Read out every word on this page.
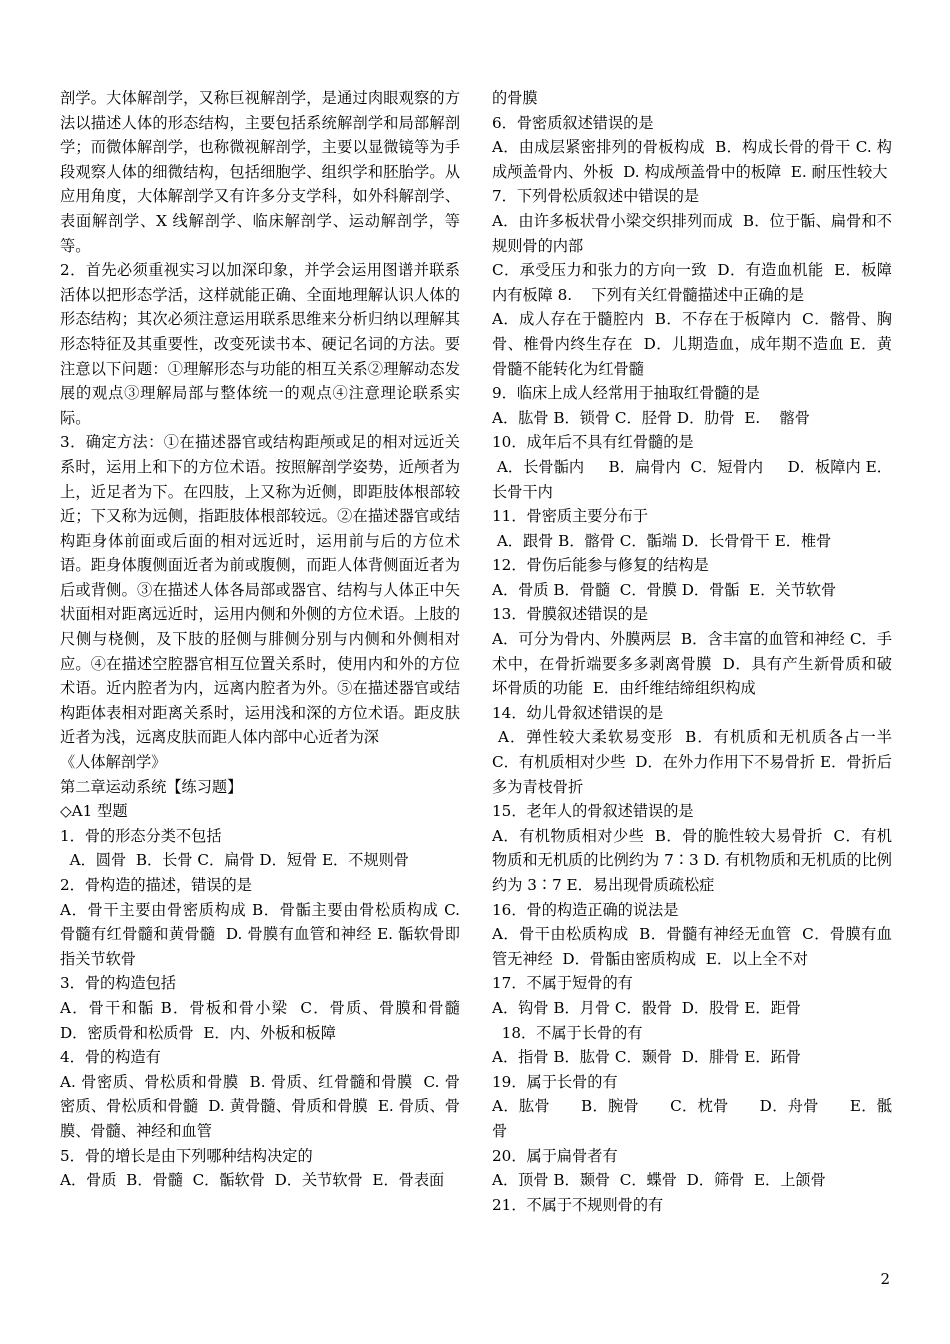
剖学。大体解剖学，又称巨视解剖学，是通过肉眼观察的方法以描述人体的形态结构，主要包括系统解剖学和局部解剖学；而微体解剖学，也称微视解剖学，主要以显微镜等为手段观察人体的细微结构，包括细胞学、组织学和胚胎学。从应用角度，大体解剖学又有许多分支学科，如外科解剖学、表面解剖学、X 线解剖学、临床解剖学、运动解剖学，等等。

2．首先必须重视实习以加深印象，并学会运用图谱并联系活体以把形态学活，这样就能正确、全面地理解认识人体的形态结构；其次必须注意运用联系思维来分析归纳以理解其形态特征及其重要性，改变死读书本、硬记名词的方法。要注意以下问题：①理解形态与功能的相互关系②理解动态发展的观点③理解局部与整体统一的观点④注意理论联系实际。

3．确定方法：①在描述器官或结构距颅或足的相对远近关系时，运用上和下的方位术语。按照解剖学姿势，近颅者为上，近足者为下。在四肢，上又称为近侧，即距肢体根部较近；下又称为远侧，指距肢体根部较远。②在描述器官或结构距身体前面或后面的相对远近时，运用前与后的方位术语。距身体腹侧面近者为前或腹侧，而距人体背侧面近者为后或背侧。③在描述人体各局部或器官、结构与人体正中矢状面相对距离远近时，运用内侧和外侧的方位术语。上肢的尺侧与桡侧，及下肢的胫侧与腓侧分别与内侧和外侧相对应。④在描述空腔器官相互位置关系时，使用内和外的方位术语。近内腔者为内，远离内腔者为外。⑤在描述器官或结构距体表相对距离关系时，运用浅和深的方位术语。距皮肤近者为浅，远离皮肤而距人体内部中心近者为深

《人体解剖学》

第二章运动系统【练习题】

◇A1 型题

1．骨的形态分类不包括

A．圆骨  B．长骨 C．扁骨 D．短骨 E．不规则骨

2．骨构造的描述，错误的是

A．骨干主要由骨密质构成 B．骨骺主要由骨松质构成 C. 骨髓有红骨髓和黄骨髓  D. 骨膜有血管和神经 E. 骺软骨即指关节软骨

3．骨的构造包括

A．骨干和骺 B．骨板和骨小梁  C．骨质、骨膜和骨髓  D．密质骨和松质骨  E．内、外板和板障

4．骨的构造有

A. 骨密质、骨松质和骨膜  B. 骨质、红骨髓和骨膜  C. 骨密质、骨松质和骨髓  D. 黄骨髓、骨质和骨膜  E. 骨质、骨膜、骨髓、神经和血管

5．骨的增长是由下列哪种结构决定的

A．骨质  B．骨髓  C．骺软骨  D．关节软骨  E．骨表面

的骨膜

6．骨密质叙述错误的是

A．由成层紧密排列的骨板构成  B．构成长骨的骨干 C. 构成颅盖骨内、外板  D. 构成颅盖骨中的板障  E. 耐压性较大

7．下列骨松质叙述中错误的是

A．由许多板状骨小梁交织排列而成  B．位于骺、扁骨和不规则骨的内部

C．承受压力和张力的方向一致  D．有造血机能  E．板障内有板障 8.    下列有关红骨髓描述中正确的是

A．成人存在于髓腔内  B．不存在于板障内  C．髂骨、胸骨、椎骨内终生存在  D．儿期造血，成年期不造血 E．黄骨髓不能转化为红骨髓

9．临床上成人经常用于抽取红骨髓的是

A．肱骨 B．锁骨 C．胫骨 D．肋骨  E.    髂骨

10．成年后不具有红骨髓的是

A．长骨骺内     B．扁骨内  C．短骨内     D．板障内 E．长骨干内

11．骨密质主要分布于

A．跟骨 B．髂骨 C．骺端 D．长骨骨干 E．椎骨

12．骨伤后能参与修复的结构是

A．骨质 B．骨髓  C．骨膜 D．骨骺  E．关节软骨

13．骨膜叙述错误的是

A．可分为骨内、外膜两层  B．含丰富的血管和神经 C．手术中，在骨折端要多多剥离骨膜  D．具有产生新骨质和破坏骨质的功能  E．由纤维结缔组织构成

14．幼儿骨叙述错误的是

A．弹性较大柔软易变形  B．有机质和无机质各占一半 C．有机质相对少些  D．在外力作用下不易骨折 E．骨折后多为青枝骨折

15．老年人的骨叙述错误的是

A．有机物质相对少些  B．骨的脆性较大易骨折  C．有机物质和无机质的比例约为 7∶3 D. 有机物质和无机质的比例约为 3∶7 E．易出现骨质疏松症

16．骨的构造正确的说法是

A．骨干由松质构成  B．骨髓有神经无血管  C．骨膜有血管无神经  D．骨骺由密质构成  E．以上全不对

17．不属于短骨的有

A．钩骨 B．月骨 C．骰骨  D．股骨 E．距骨

18．不属于长骨的有

A．指骨 B．肱骨 C．颞骨  D．腓骨 E．跖骨

19．属于长骨的有

A．肱骨      B．腕骨      C．枕骨      D．舟骨      E．骶骨

20．属于扁骨者有

A．顶骨 B．颞骨  C．蝶骨  D．筛骨  E．上颌骨

21．不属于不规则骨的有

2
